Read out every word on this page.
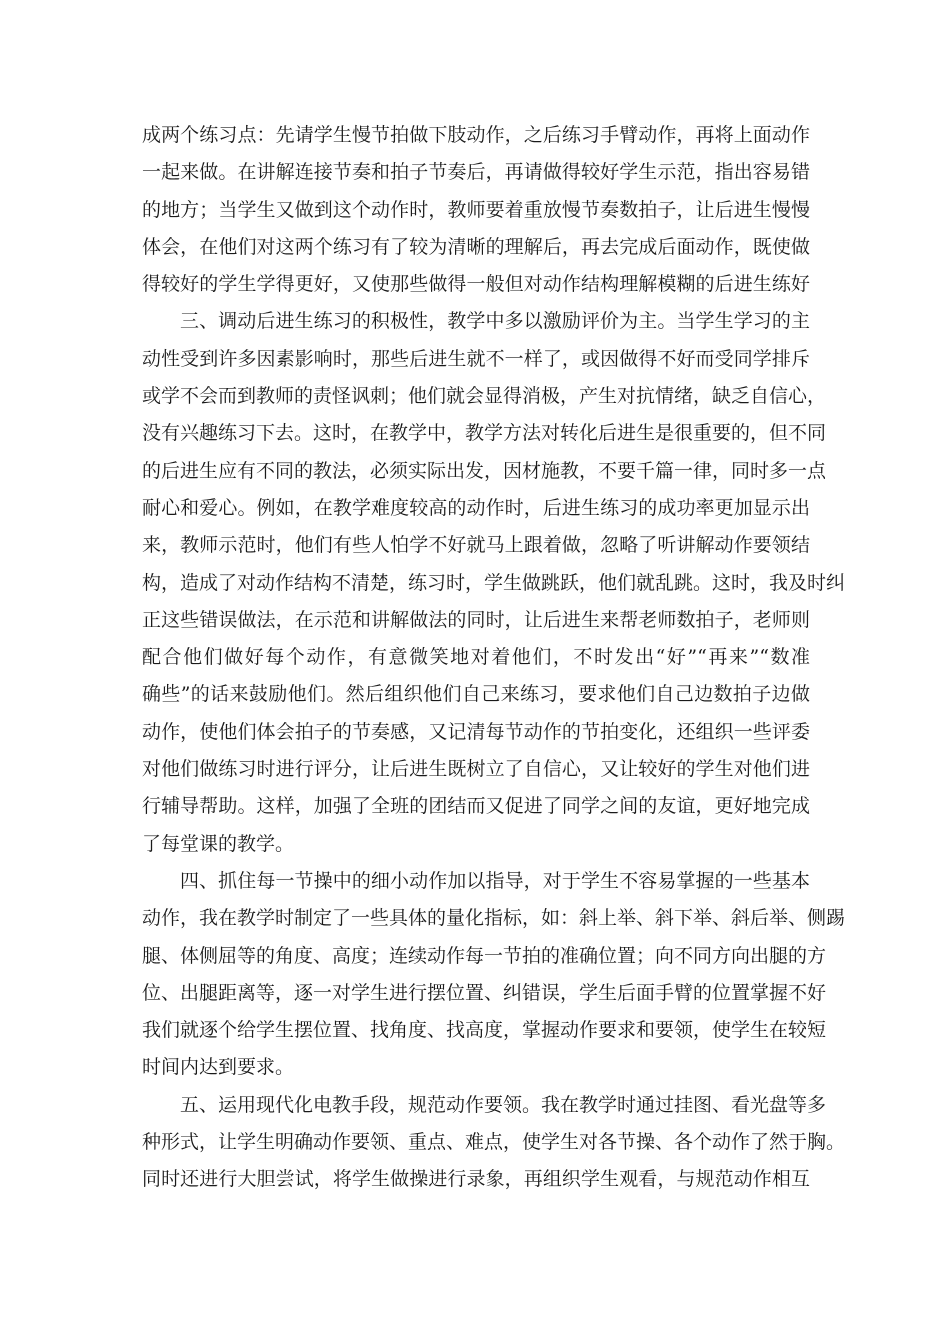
成两个练习点：先请学生慢节拍做下肢动作，之后练习手臂动作，再将上面动作
一起来做。在讲解连接节奏和拍子节奏后，再请做得较好学生示范，指出容易错
的地方；当学生又做到这个动作时，教师要着重放慢节奏数拍子，让后进生慢慢
体会，在他们对这两个练习有了较为清晰的理解后，再去完成后面动作，既使做
得较好的学生学得更好，又使那些做得一般但对动作结构理解模糊的后进生练好
三、调动后进生练习的积极性，教学中多以激励评价为主。当学生学习的主
动性受到许多因素影响时，那些后进生就不一样了，或因做得不好而受同学排斥
或学不会而到教师的责怪讽刺；他们就会显得消极，产生对抗情绪，缺乏自信心，
没有兴趣练习下去。这时，在教学中，教学方法对转化后进生是很重要的，但不同
的后进生应有不同的教法，必须实际出发，因材施教，不要千篇一律，同时多一点
耐心和爱心。例如，在教学难度较高的动作时，后进生练习的成功率更加显示出
来，教师示范时，他们有些人怕学不好就马上跟着做，忽略了听讲解动作要领结
构，造成了对动作结构不清楚，练习时，学生做跳跃，他们就乱跳。这时，我及时纠
正这些错误做法，在示范和讲解做法的同时，让后进生来帮老师数拍子，老师则
配合他们做好每个动作，有意微笑地对着他们，不时发出“好”“再来”“数准
确些”的话来鼓励他们。然后组织他们自己来练习，要求他们自己边数拍子边做
动作，使他们体会拍子的节奏感，又记清每节动作的节拍变化，还组织一些评委
对他们做练习时进行评分，让后进生既树立了自信心，又让较好的学生对他们进
行辅导帮助。这样，加强了全班的团结而又促进了同学之间的友谊，更好地完成
了每堂课的教学。
四、抓住每一节操中的细小动作加以指导，对于学生不容易掌握的一些基本
动作，我在教学时制定了一些具体的量化指标，如：斜上举、斜下举、斜后举、侧踢
腿、体侧屈等的角度、高度；连续动作每一节拍的准确位置；向不同方向出腿的方
位、出腿距离等，逐一对学生进行摆位置、纠错误，学生后面手臂的位置掌握不好
我们就逐个给学生摆位置、找角度、找高度，掌握动作要求和要领，使学生在较短
时间内达到要求。
五、运用现代化电教手段，规范动作要领。我在教学时通过挂图、看光盘等多
种形式，让学生明确动作要领、重点、难点，使学生对各节操、各个动作了然于胸。
同时还进行大胆尝试，将学生做操进行录象，再组织学生观看，与规范动作相互
